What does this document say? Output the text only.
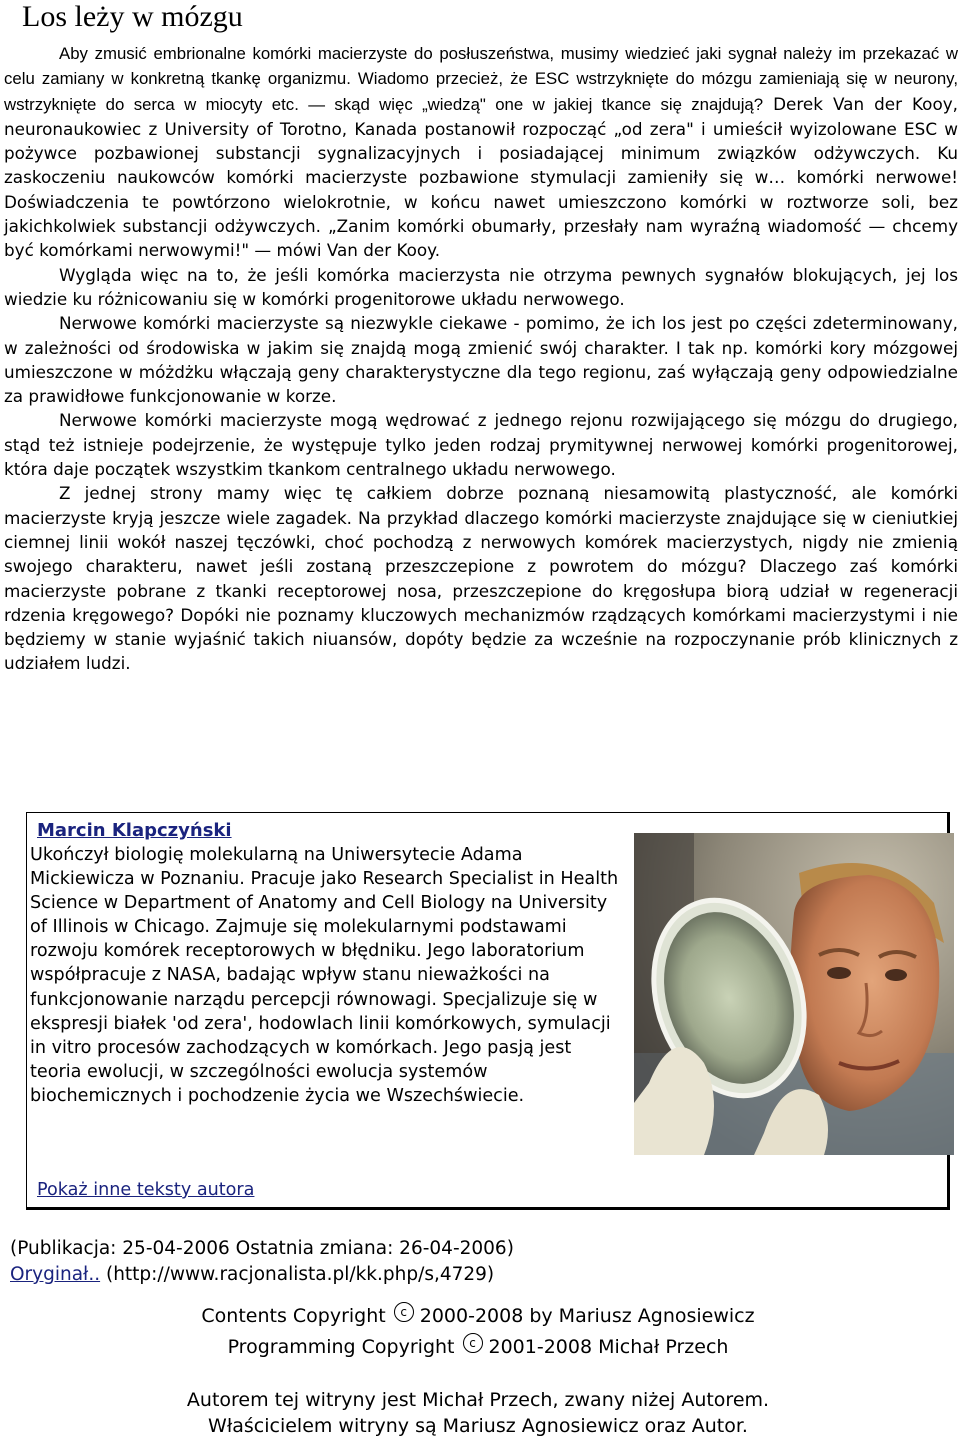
Los leży w mózgu

Aby zmusić embrionalne komórki macierzyste do posłuszeństwa, musimy wiedzieć jaki sygnał należy im przekazać w celu zamiany w konkretną tkankę organizmu. Wiadomo przecież, że ESC wstrzyknięte do mózgu zamieniają się w neurony, wstrzyknięte do serca w miocyty etc. — skąd więc „wiedzą" one w jakiej tkance się znajdują? Derek Van der Kooy, neuronaukowiec z University of Torotno, Kanada postanowił rozpocząć „od zera" i umieścił wyizolowane ESC w pożywce pozbawionej substancji sygnalizacyjnych i posiadającej minimum związków odżywczych. Ku zaskoczeniu naukowców komórki macierzyste pozbawione stymulacji zamieniły się w… komórki nerwowe! Doświadczenia te powtórzono wielokrotnie, w końcu nawet umieszczono komórki w roztworze soli, bez jakichkolwiek substancji odżywczych. „Zanim komórki obumarły, przesłały nam wyraźną wiadomość — chcemy być komórkami nerwowymi!" — mówi Van der Kooy.

Wygląda więc na to, że jeśli komórka macierzysta nie otrzyma pewnych sygnałów blokujących, jej los wiedzie ku różnicowaniu się w komórki progenitorowe układu nerwowego.

Nerwowe komórki macierzyste są niezwykle ciekawe - pomimo, że ich los jest po części zdeterminowany, w zależności od środowiska w jakim się znajdą mogą zmienić swój charakter. I tak np. komórki kory mózgowej umieszczone w móżdżku włączają geny charakterystyczne dla tego regionu, zaś wyłączają geny odpowiedzialne za prawidłowe funkcjonowanie w korze.

Nerwowe komórki macierzyste mogą wędrować z jednego rejonu rozwijającego się mózgu do drugiego, stąd też istnieje podejrzenie, że występuje tylko jeden rodzaj prymitywnej nerwowej komórki progenitorowej, która daje początek wszystkim tkankom centralnego układu nerwowego.

Z jednej strony mamy więc tę całkiem dobrze poznaną niesamowitą plastyczność, ale komórki macierzyste kryją jeszcze wiele zagadek. Na przykład dlaczego komórki macierzyste znajdujące się w cieniutkiej ciemnej linii wokół naszej tęczówki, choć pochodzą z nerwowych komórek macierzystych, nigdy nie zmienią swojego charakteru, nawet jeśli zostaną przeszczepione z powrotem do mózgu? Dlaczego zaś komórki macierzyste pobrane z tkanki receptorowej nosa, przeszczepione do kręgosłupa biorą udział w regeneracji rdzenia kręgowego? Dopóki nie poznamy kluczowych mechanizmów rządzących komórkami macierzystymi i nie będziemy w stanie wyjaśnić takich niuansów, dopóty będzie za wcześnie na rozpoczynanie prób klinicznych z udziałem ludzi.

Marcin Klapczyński

Ukończył biologię molekularną na Uniwersytecie Adama Mickiewicza w Poznaniu. Pracuje jako Research Specialist in Health Science w Department of Anatomy and Cell Biology na University of Illinois w Chicago. Zajmuje się molekularnymi podstawami rozwoju komórek receptorowych w błędniku. Jego laboratorium współpracuje z NASA, badając wpływ stanu nieważkości na funkcjonowanie narządu percepcji równowagi. Specjalizuje się w ekspresji białek 'od zera', hodowlach linii komórkowych, symulacji in vitro procesów zachodzących w komórkach. Jego pasją jest teoria ewolucji, w szczególności ewolucja systemów biochemicznych i pochodzenie życia we Wszechświecie.

Pokaż inne teksty autora
(Publikacja: 25-04-2006 Ostatnia zmiana: 26-04-2006)
Oryginał.. (http://www.racjonalista.pl/kk.php/s,4729)
Contents Copyright c 2000-2008 by Mariusz Agnosiewicz
Programming Copyright c 2001-2008 Michał Przech
Autorem tej witryny jest Michał Przech, zwany niżej Autorem.
Właścicielem witryny są Mariusz Agnosiewicz oraz Autor.
